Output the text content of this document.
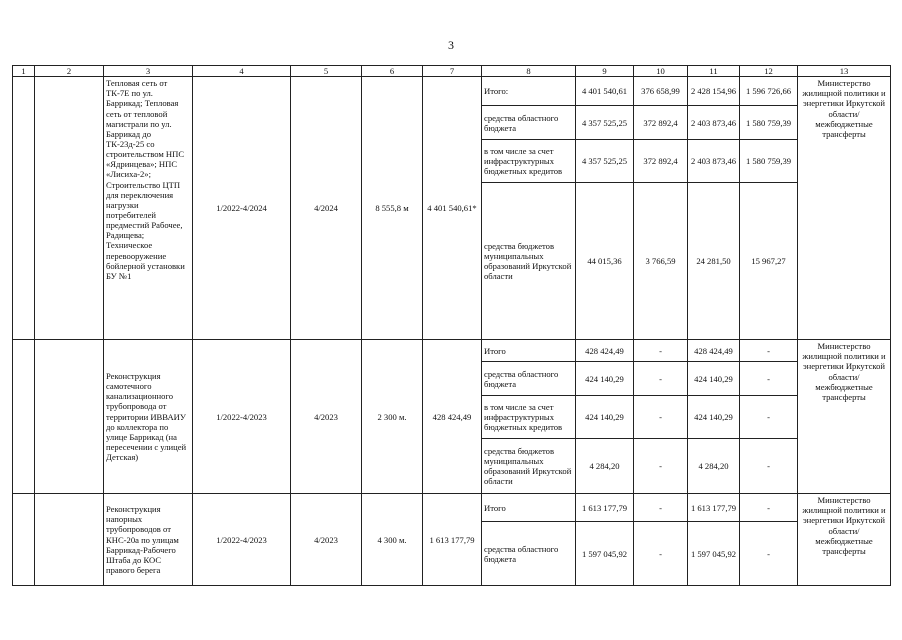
3
1	2	3	4	5	6	7	8	9	10	11	12	13
		Тепловая сеть от ТК-7Е по ул. Баррикад; Тепловая сеть от тепловой магистрали по ул. Баррикад до ТК-23д-25 со строительством НПС «Ядринцева»; НПС «Лисиха-2»; Строительство ЦТП для переключения нагрузки потребителей предместий Рабочее, Радищева; Техническое перевооружение бойлерной установки БУ №1	1/2022-4/2024	4/2024	8 555,8 м	4 401 540,61*	Итого:	4 401 540,61	376 658,99	2 428 154,96	1 596 726,66	Министерство жилищной политики и энергетики Иркутской области/ межбюджетные трансферты
							средства областного бюджета	4 357 525,25	372 892,4	2 403 873,46	1 580 759,39	
							в том числе за счет инфраструктурных бюджетных кредитов	4 357 525,25	372 892,4	2 403 873,46	1 580 759,39	
							средства бюджетов муниципальных образований Иркутской области	44 015,36	3 766,59	24 281,50	15 967,27	
		Реконструкция самотечного канализационного трубопровода от территории ИВВАИУ до коллектора по улице Баррикад (на пересечении с улицей Детская)	1/2022-4/2023	4/2023	2 300 м.	428 424,49	Итого	428 424,49	-	428 424,49	-	Министерство жилищной политики и энергетики Иркутской области/ межбюджетные трансферты
							средства областного бюджета	424 140,29	-	424 140,29	-	
							в том числе за счет инфраструктурных бюджетных кредитов	424 140,29	-	424 140,29	-	
							средства бюджетов муниципальных образований Иркутской области	4 284,20	-	4 284,20	-	
		Реконструкция напорных трубопроводов от КНС-20а по улицам Баррикад-Рабочего Штаба до КОС правого берега	1/2022-4/2023	4/2023	4 300 м.	1 613 177,79	Итого	1 613 177,79	-	1 613 177,79	-	Министерство жилищной политики и энергетики Иркутской области/ межбюджетные трансферты
							средства областного бюджета	1 597 045,92	-	1 597 045,92	-	
